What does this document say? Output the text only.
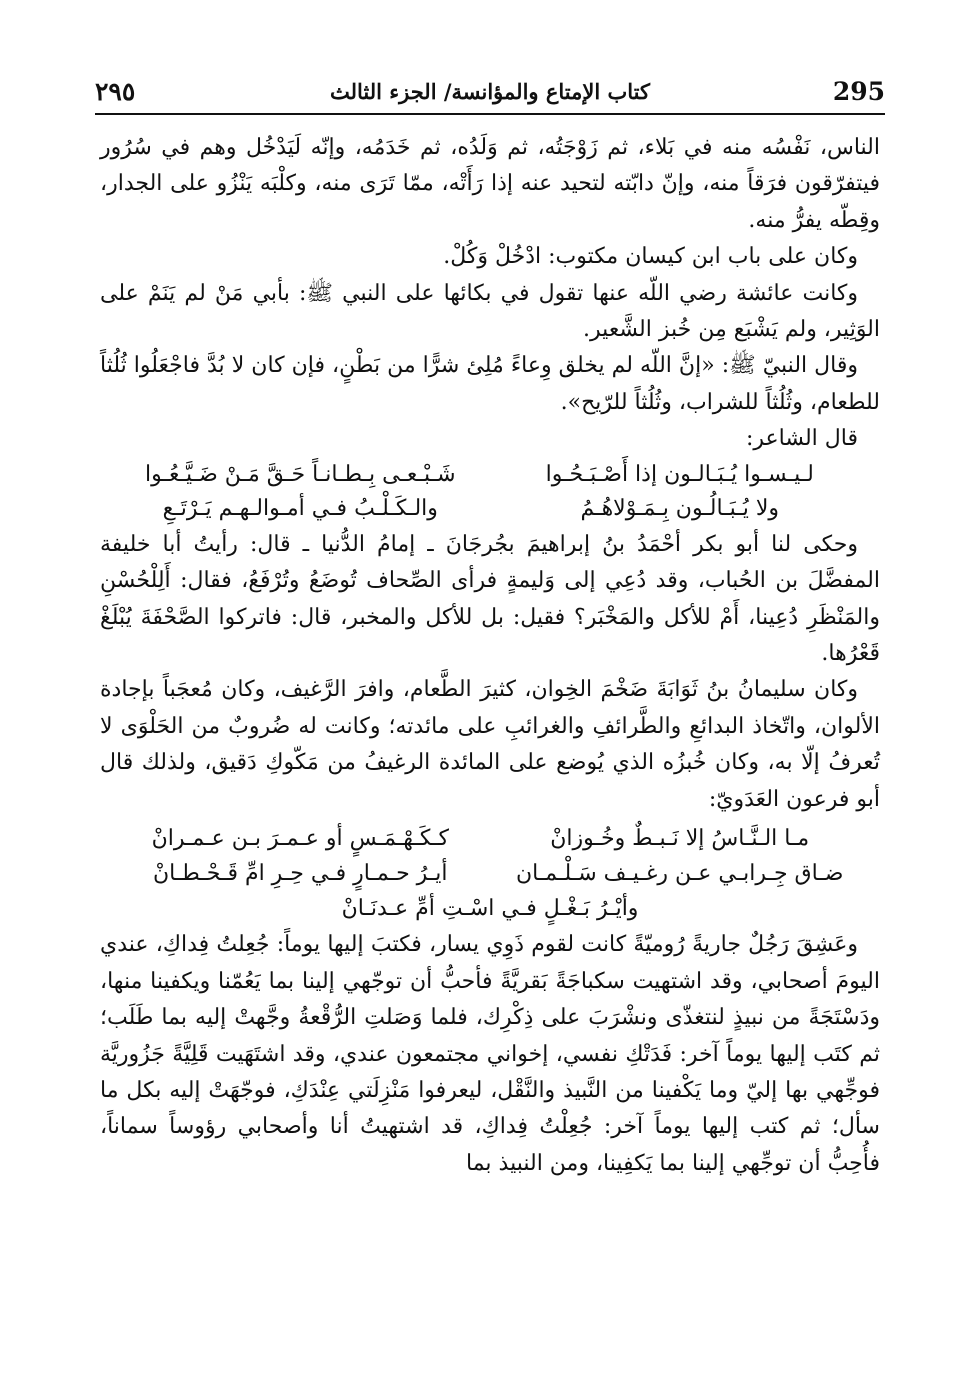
295
كتاب الإمتاع والمؤانسة/ الجزء الثالث
٢٩٥

الناس، نَفْسُه منه في بَلاء، ثم زَوْجَتُه، ثم وَلَدُه، ثم خَدَمُه، وإنّه لَيَدْخُل وهم في سُرُور فيتفرّقون فرَقاً منه، وإنّ دابّته لتحيد عنه إذا رَأَتْه، ممّا تَرَى منه، وكلْبَه يَنْزُو على الجدار، وقِطّه يفرُّ منه.

وكان على باب ابن كيسان مكتوب: ادْخُلْ وَكُلْ.

وكانت عائشة رضي اللّه عنها تقول في بكائها على النبي ﷺ: بأبي مَنْ لم يَنَمْ على الوَثِير، ولم يَشْبَع مِن خُبز الشَّعير.

وقال النبيّ ﷺ: «إنَّ اللّه لم يخلق وِعاءً مُلِئ شرًّا من بَطْنٍ، فإن كان لا بُدَّ فاجْعَلُوا ثُلُثاً للطعام، وثُلُثاً للشراب، وثُلُثاً للرّيح».

قال الشاعر:

لـيـسـوا يُـبَـالـون إذا أَصْـبَـحُـوا
شَـبْـعـى بِـطـانـاً حَـقَّ مَـنْ ضَـيَّـعُـوا
ولا يُـبَـالُـون بِـمَـوْلاهُـمُ
والـكَـلْـبُ فـي أمـوالـهـم يَـرْتَـعِ

وحكى لنا أبو بكر أحْمَدُ بنُ إبراهيمَ بجُرجَانَ ـ إمامُ الدُّنيا ـ قال: رأيتُ أبا خليفة المفضَّلَ بن الحُباب، وقد دُعِي إلى وَليمةٍ فرأى الصِّحاف تُوضَعُ وتُرْفَعُ، فقال: أَلِلْحُسْنِ والمَنْظَرِ دُعِينا، أَمْ للأكل والمَخْبَر؟ فقيل: بل للأكل والمخبر، قال: فاتركوا الصَّحْفَةَ يُبْلَغْ قَعْرُها.

وكان سليمانُ بنُ ثَوَابَةَ ضَخْمَ الخِوان، كثيرَ الطَّعام، وافرَ الرَّغيف، وكان مُعجَباً بإجادة الألوان، واتّخاذ البدائعِ والطَّرائفِ والغرائبِ على مائدته؛ وكانت له ضُروبٌ من الحَلْوَى لا تُعرفُ إلّا به، وكان خُبزُه الذي يُوضع على المائدة الرغيفُ من مَكّوكِ دَقيق، ولذلك قال أبو فرعون العَدَويّ:

مـا الـنَّـاسُ إلا نَـبـطٌ وخُـوزانْ
كـكَـهْـمَـسٍ أو عـمـرَ بـن عـمـرانْ
ضـاق جِـرابـي عـن رغـيـف سَـلْـمـان
أيـرُ حـمـارٍ فـي حِـرِ امِّ قَـحْـطـانْ
وأيْـرُ بَـغْـلٍ فـي اسْـتِ أمِّ عـدنَـانْ

وعَشِقَ رَجُلٌ جاريةً رُوميّةً كانت لقوم ذَوِي يسار، فكتبَ إليها يوماً: جُعِلتُ فِداكِ، عندي اليومَ أصحابي، وقد اشتهيت سكباجَةً بَقريَّةً فأحبُّ أن توجّهي إلينا بما يَعُمّنا ويكفينا منها، ودَسْتَجَةً من نبيذٍ لنتغذّى ونشْرَبَ على ذِكْرِك، فلما وَصَلتِ الرُّقْعةُ وجَّهتْ إليه بما طَلَب؛ ثم كتَب إليها يوماً آخر: فَدَتْكِ نفسي، إخواني مجتمعون عندي، وقد اشتَهَيت قَلِيَّةً جَزُوريَّة فوجِّهي بها إليّ وما يَكْفينا من النَّبيذ والنَّقْل، ليعرفوا مَنْزِلَتي عِنْدَكِ، فوجّهَتْ إليه بكل ما سأل؛ ثم كتب إليها يوماً آخر: جُعِلْتُ فِداكِ، قد اشتهيتُ أنا وأصحابي رؤوساً سماناً، فأُحِبُّ أن توجِّهي إلينا بما يَكفِينا، ومن النبيذ بما
